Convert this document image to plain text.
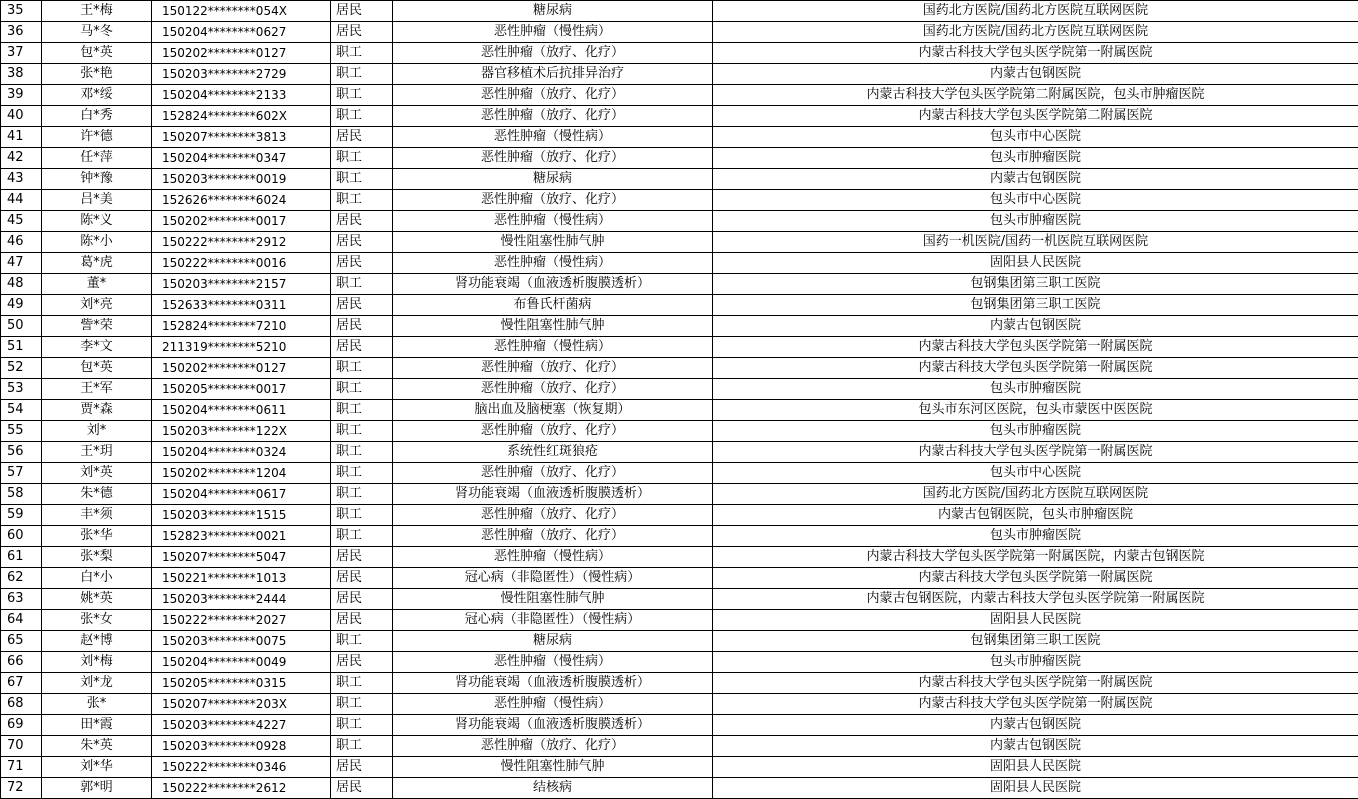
35	王*梅	150122********054X	居民	糖尿病	国药北方医院/国药北方医院互联网医院
36	马*冬	150204********0627	居民	恶性肿瘤（慢性病）	国药北方医院/国药北方医院互联网医院
37	包*英	150202********0127	职工	恶性肿瘤（放疗、化疗）	内蒙古科技大学包头医学院第一附属医院
38	张*艳	150203********2729	职工	器官移植术后抗排异治疗	内蒙古包钢医院
39	邓*绥	150204********2133	职工	恶性肿瘤（放疗、化疗）	内蒙古科技大学包头医学院第二附属医院，包头市肿瘤医院
40	白*秀	152824********602X	职工	恶性肿瘤（放疗、化疗）	内蒙古科技大学包头医学院第二附属医院
41	许*德	150207********3813	居民	恶性肿瘤（慢性病）	包头市中心医院
42	任*萍	150204********0347	职工	恶性肿瘤（放疗、化疗）	包头市肿瘤医院
43	钟*豫	150203********0019	职工	糖尿病	内蒙古包钢医院
44	吕*美	152626********6024	职工	恶性肿瘤（放疗、化疗）	包头市中心医院
45	陈*义	150202********0017	居民	恶性肿瘤（慢性病）	包头市肿瘤医院
46	陈*小	150222********2912	居民	慢性阻塞性肺气肿	国药一机医院/国药一机医院互联网医院
47	葛*虎	150222********0016	居民	恶性肿瘤（慢性病）	固阳县人民医院
48	董*	150203********2157	职工	肾功能衰竭（血液透析腹膜透析）	包钢集团第三职工医院
49	刘*亮	152633********0311	居民	布鲁氏杆菌病	包钢集团第三职工医院
50	訾*荣	152824********7210	居民	慢性阻塞性肺气肿	内蒙古包钢医院
51	李*文	211319********5210	居民	恶性肿瘤（慢性病）	内蒙古科技大学包头医学院第一附属医院
52	包*英	150202********0127	职工	恶性肿瘤（放疗、化疗）	内蒙古科技大学包头医学院第一附属医院
53	王*军	150205********0017	职工	恶性肿瘤（放疗、化疗）	包头市肿瘤医院
54	贾*森	150204********0611	职工	脑出血及脑梗塞（恢复期）	包头市东河区医院，包头市蒙医中医医院
55	刘*	150203********122X	职工	恶性肿瘤（放疗、化疗）	包头市肿瘤医院
56	王*玥	150204********0324	职工	系统性红斑狼疮	内蒙古科技大学包头医学院第一附属医院
57	刘*英	150202********1204	职工	恶性肿瘤（放疗、化疗）	包头市中心医院
58	朱*德	150204********0617	职工	肾功能衰竭（血液透析腹膜透析）	国药北方医院/国药北方医院互联网医院
59	丰*须	150203********1515	职工	恶性肿瘤（放疗、化疗）	内蒙古包钢医院，包头市肿瘤医院
60	张*华	152823********0021	职工	恶性肿瘤（放疗、化疗）	包头市肿瘤医院
61	张*梨	150207********5047	居民	恶性肿瘤（慢性病）	内蒙古科技大学包头医学院第一附属医院，内蒙古包钢医院
62	白*小	150221********1013	居民	冠心病（非隐匿性）（慢性病）	内蒙古科技大学包头医学院第一附属医院
63	姚*英	150203********2444	居民	慢性阻塞性肺气肿	内蒙古包钢医院，内蒙古科技大学包头医学院第一附属医院
64	张*女	150222********2027	居民	冠心病（非隐匿性）（慢性病）	固阳县人民医院
65	赵*博	150203********0075	职工	糖尿病	包钢集团第三职工医院
66	刘*梅	150204********0049	居民	恶性肿瘤（慢性病）	包头市肿瘤医院
67	刘*龙	150205********0315	职工	肾功能衰竭（血液透析腹膜透析）	内蒙古科技大学包头医学院第一附属医院
68	张*	150207********203X	职工	恶性肿瘤（慢性病）	内蒙古科技大学包头医学院第一附属医院
69	田*霞	150203********4227	职工	肾功能衰竭（血液透析腹膜透析）	内蒙古包钢医院
70	朱*英	150203********0928	职工	恶性肿瘤（放疗、化疗）	内蒙古包钢医院
71	刘*华	150222********0346	居民	慢性阻塞性肺气肿	固阳县人民医院
72	郭*明	150222********2612	居民	结核病	固阳县人民医院
